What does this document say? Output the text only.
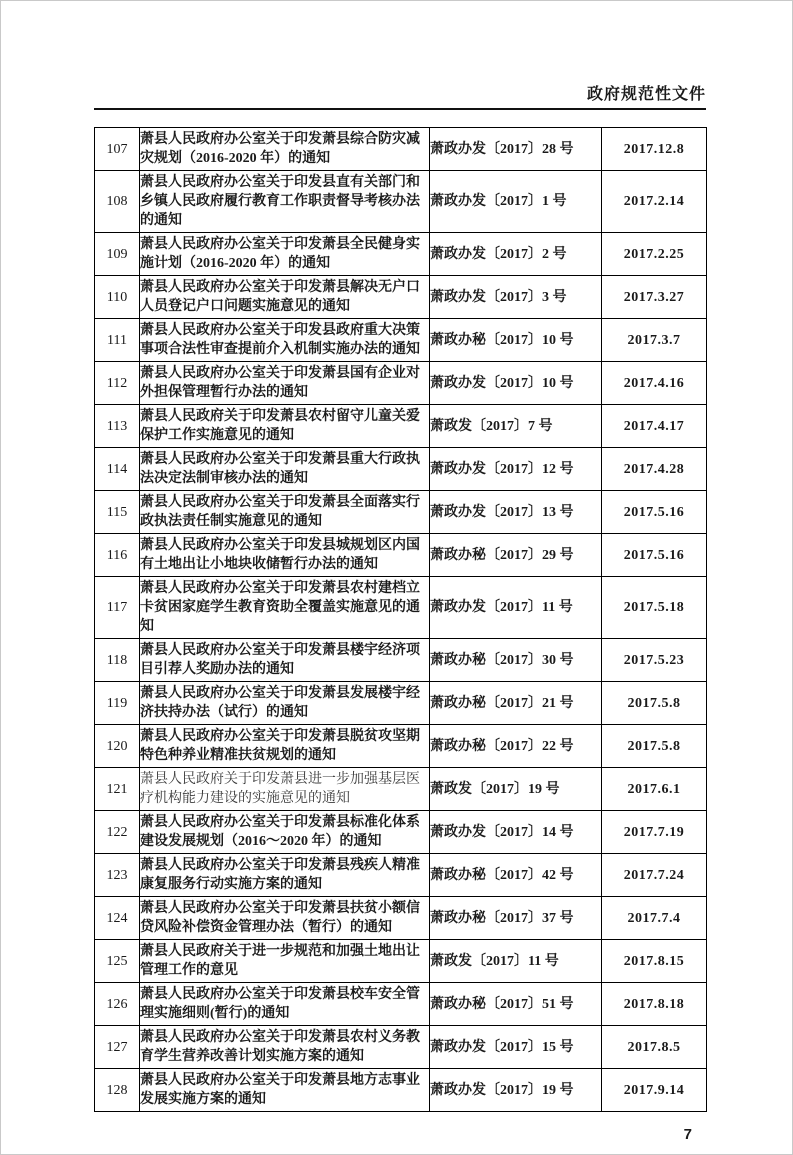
政府规范性文件
107	萧县人民政府办公室关于印发萧县综合防灾减灾规划（2016-2020 年）的通知	萧政办发〔2017〕28 号	2017.12.8
108	萧县人民政府办公室关于印发县直有关部门和乡镇人民政府履行教育工作职责督导考核办法的通知	萧政办发〔2017〕1 号	2017.2.14
109	萧县人民政府办公室关于印发萧县全民健身实施计划（2016-2020 年）的通知	萧政办发〔2017〕2 号	2017.2.25
110	萧县人民政府办公室关于印发萧县解决无户口人员登记户口问题实施意见的通知	萧政办发〔2017〕3 号	2017.3.27
111	萧县人民政府办公室关于印发县政府重大决策事项合法性审查提前介入机制实施办法的通知	萧政办秘〔2017〕10 号	2017.3.7
112	萧县人民政府办公室关于印发萧县国有企业对外担保管理暂行办法的通知	萧政办发〔2017〕10 号	2017.4.16
113	萧县人民政府关于印发萧县农村留守儿童关爱保护工作实施意见的通知	萧政发〔2017〕7 号	2017.4.17
114	萧县人民政府办公室关于印发萧县重大行政执法决定法制审核办法的通知	萧政办发〔2017〕12 号	2017.4.28
115	萧县人民政府办公室关于印发萧县全面落实行政执法责任制实施意见的通知	萧政办发〔2017〕13 号	2017.5.16
116	萧县人民政府办公室关于印发县城规划区内国有土地出让小地块收储暂行办法的通知	萧政办秘〔2017〕29 号	2017.5.16
117	萧县人民政府办公室关于印发萧县农村建档立卡贫困家庭学生教育资助全覆盖实施意见的通知	萧政办发〔2017〕11 号	2017.5.18
118	萧县人民政府办公室关于印发萧县楼宇经济项目引荐人奖励办法的通知	萧政办秘〔2017〕30 号	2017.5.23
119	萧县人民政府办公室关于印发萧县发展楼宇经济扶持办法（试行）的通知	萧政办秘〔2017〕21 号	2017.5.8
120	萧县人民政府办公室关于印发萧县脱贫攻坚期特色种养业精准扶贫规划的通知	萧政办秘〔2017〕22 号	2017.5.8
121	萧县人民政府关于印发萧县进一步加强基层医疗机构能力建设的实施意见的通知	萧政发〔2017〕19 号	2017.6.1
122	萧县人民政府办公室关于印发萧县标准化体系建设发展规划（2016～2020 年）的通知	萧政办发〔2017〕14 号	2017.7.19
123	萧县人民政府办公室关于印发萧县残疾人精准康复服务行动实施方案的通知	萧政办秘〔2017〕42 号	2017.7.24
124	萧县人民政府办公室关于印发萧县扶贫小额信贷风险补偿资金管理办法（暂行）的通知	萧政办秘〔2017〕37 号	2017.7.4
125	萧县人民政府关于进一步规范和加强土地出让管理工作的意见	萧政发〔2017〕11 号	2017.8.15
126	萧县人民政府办公室关于印发萧县校车安全管理实施细则(暂行)的通知	萧政办秘〔2017〕51 号	2017.8.18
127	萧县人民政府办公室关于印发萧县农村义务教育学生营养改善计划实施方案的通知	萧政办发〔2017〕15 号	2017.8.5
128	萧县人民政府办公室关于印发萧县地方志事业发展实施方案的通知	萧政办发〔2017〕19 号	2017.9.14
7
